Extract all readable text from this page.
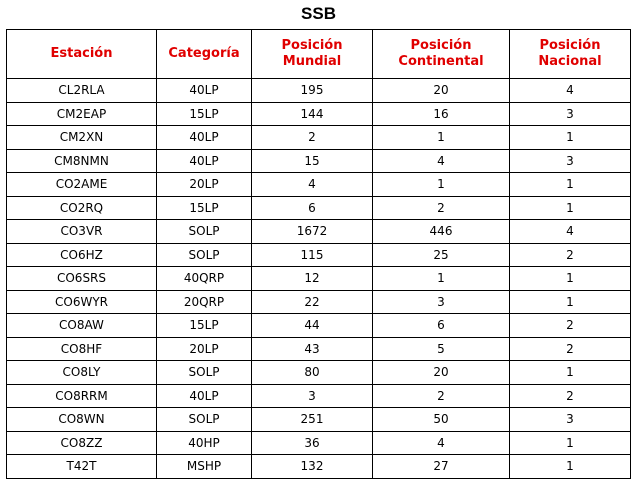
SSB
Estación	Categoría	Posición Mundial	Posición Continental	Posición Nacional
CL2RLA	40LP	195	20	4
CM2EAP	15LP	144	16	3
CM2XN	40LP	2	1	1
CM8NMN	40LP	15	4	3
CO2AME	20LP	4	1	1
CO2RQ	15LP	6	2	1
CO3VR	SOLP	1672	446	4
CO6HZ	SOLP	115	25	2
CO6SRS	40QRP	12	1	1
CO6WYR	20QRP	22	3	1
CO8AW	15LP	44	6	2
CO8HF	20LP	43	5	2
CO8LY	SOLP	80	20	1
CO8RRM	40LP	3	2	2
CO8WN	SOLP	251	50	3
CO8ZZ	40HP	36	4	1
T42T	MSHP	132	27	1
